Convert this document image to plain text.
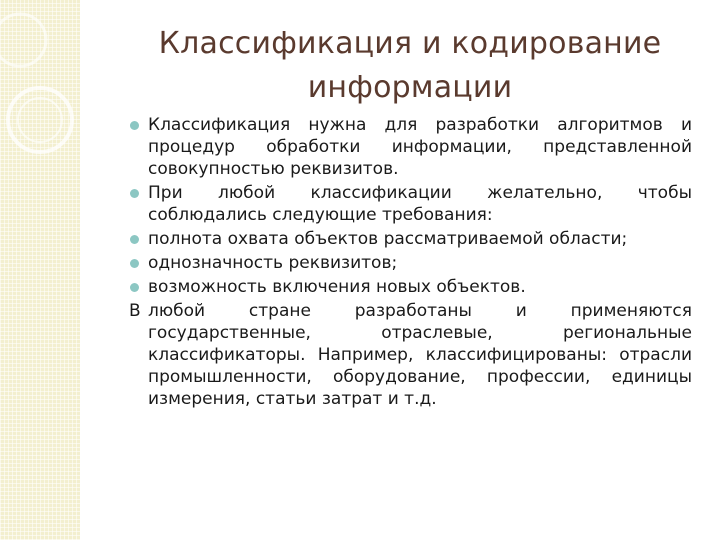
Классификация и кодирование
информации
Классификация нужна для разработки алгоритмов и процедур обработки информации, представленной совокупностью реквизитов.
При любой классификации желательно, чтобы соблюдались следующие требования:
полнота охвата объектов рассматриваемой области;
однозначность реквизитов;
возможность включения новых объектов.
В любой стране разработаны и применяются государственные, отраслевые, региональные классификаторы. Например, классифицированы: отрасли промышленности, оборудование, профессии, единицы измерения, статьи затрат и т.д.
